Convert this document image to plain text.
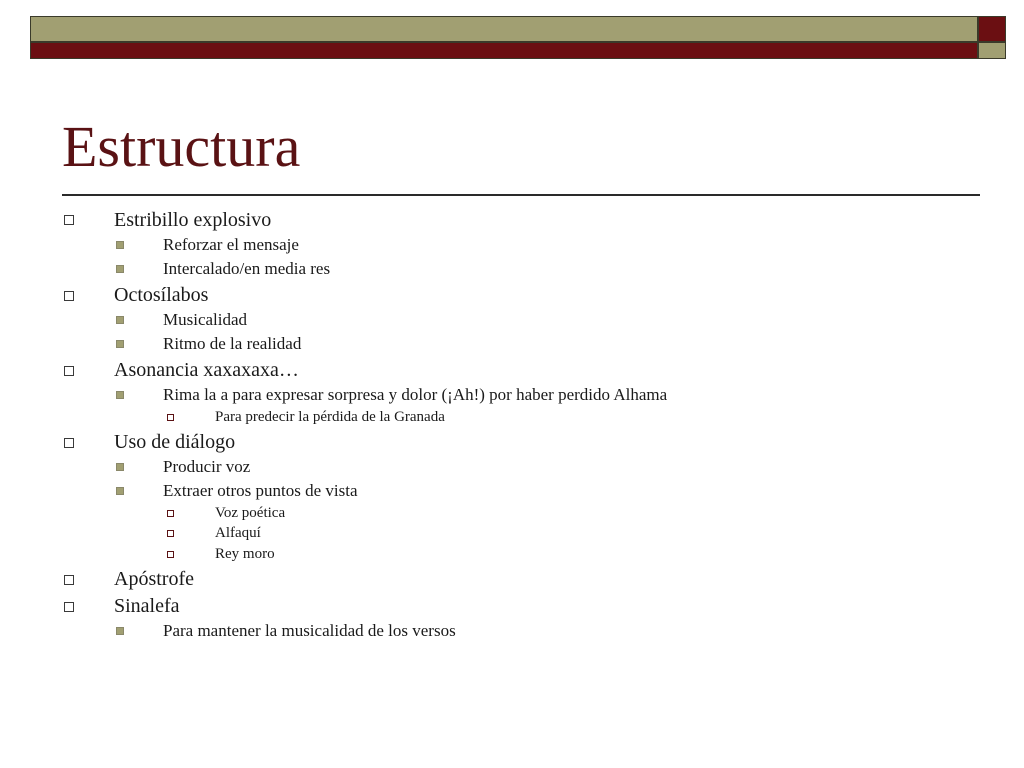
Estructura
Estribillo explosivo
Reforzar el mensaje
Intercalado/en media res
Octosílabos
Musicalidad
Ritmo de la realidad
Asonancia xaxaxaxa…
Rima la a para expresar sorpresa y dolor (¡Ah!) por haber perdido Alhama
Para predecir la pérdida de la Granada
Uso de diálogo
Producir voz
Extraer otros puntos de vista
Voz poética
Alfaquí
Rey moro
Apóstrofe
Sinalefa
Para mantener la musicalidad de los versos
